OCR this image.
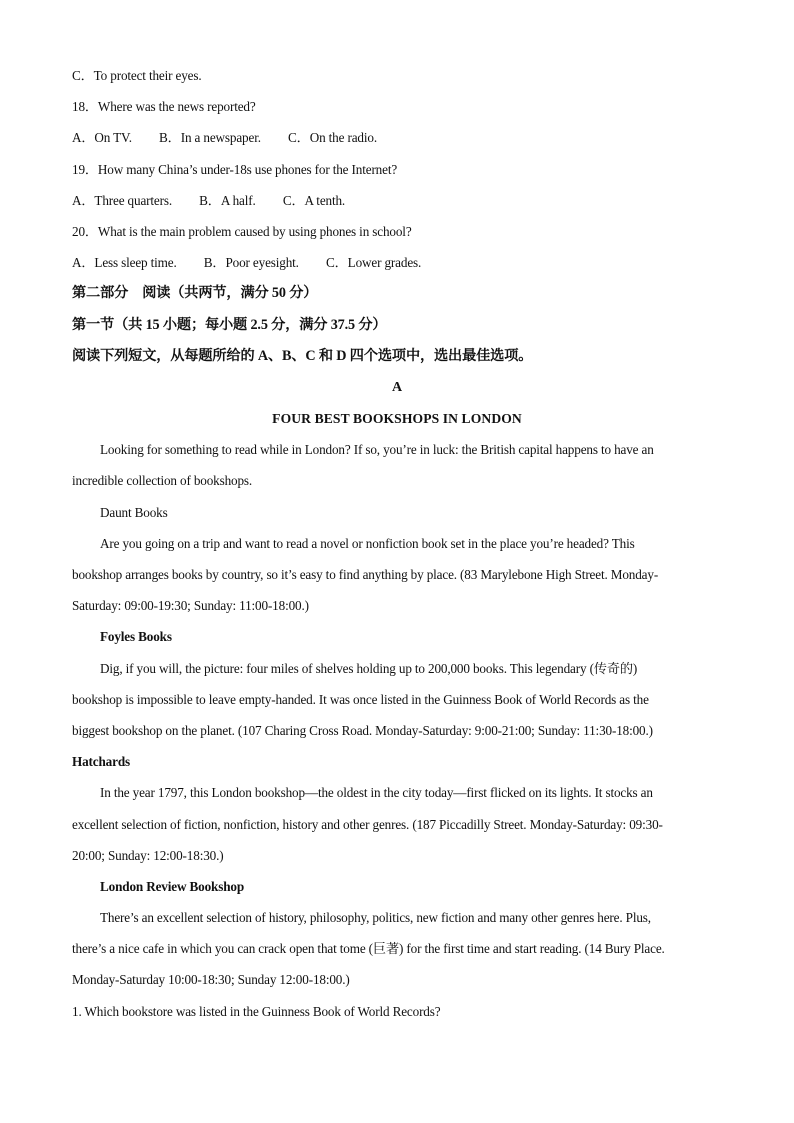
C．To protect their eyes.
18．Where was the news reported?
A．On TV. B．In a newspaper. C．On the radio.
19．How many China’s under-18s use phones for the Internet?
A．Three quarters. B．A half. C．A tenth.
20．What is the main problem caused by using phones in school?
A．Less sleep time. B．Poor eyesight. C．Lower grades.
第二部分　阅读（共两节，满分 50 分）
第一节（共 15 小题；每小题 2.5 分，满分 37.5 分）
阅读下列短文，从每题所给的 A、B、C 和 D 四个选项中，选出最佳选项。
A
FOUR BEST BOOKSHOPS IN LONDON
Looking for something to read while in London? If so, you’re in luck: the British capital happens to have an
incredible collection of bookshops.
Daunt Books
Are you going on a trip and want to read a novel or nonfiction book set in the place you’re headed? This
bookshop arranges books by country, so it’s easy to find anything by place. (83 Marylebone High Street. Monday-
Saturday: 09:00-19:30; Sunday: 11:00-18:00.)
Foyles Books
Dig, if you will, the picture: four miles of shelves holding up to 200,000 books. This legendary (传奇的)
bookshop is impossible to leave empty-handed. It was once listed in the Guinness Book of World Records as the
biggest bookshop on the planet. (107 Charing Cross Road. Monday-Saturday: 9:00-21:00; Sunday: 11:30-18:00.)
Hatchards
In the year 1797, this London bookshop—the oldest in the city today—first flicked on its lights. It stocks an
excellent selection of fiction, nonfiction, history and other genres. (187 Piccadilly Street. Monday-Saturday: 09:30-
20:00; Sunday: 12:00-18:30.)
London Review Bookshop
There’s an excellent selection of history, philosophy, politics, new fiction and many other genres here. Plus,
there’s a nice cafe in which you can crack open that tome (巨著) for the first time and start reading. (14 Bury Place.
Monday-Saturday 10:00-18:30; Sunday 12:00-18:00.)
1. Which bookstore was listed in the Guinness Book of World Records?
